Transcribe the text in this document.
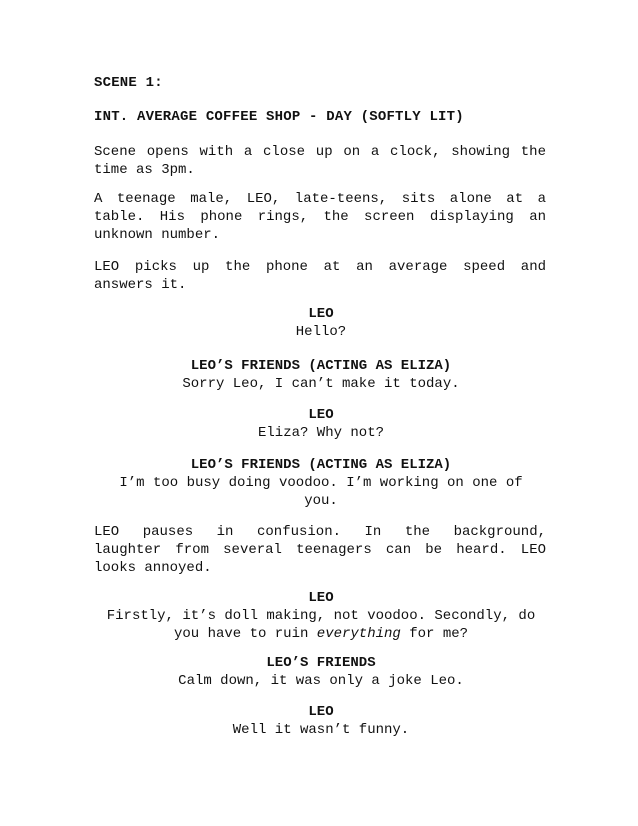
SCENE 1:
INT. AVERAGE COFFEE SHOP - DAY (SOFTLY LIT)
Scene opens with a close up on a clock, showing the
time as 3pm.
A teenage male, LEO, late-teens, sits alone at a
table. His phone rings, the screen displaying an
unknown number.
LEO picks up the phone at an average speed and
answers it.
LEO
Hello?
LEO’S FRIENDS (ACTING AS ELIZA)
Sorry Leo, I can’t make it today.
LEO
Eliza? Why not?
LEO’S FRIENDS (ACTING AS ELIZA)
I’m too busy doing voodoo. I’m working on one of
you.
LEO pauses in confusion. In the background,
laughter from several teenagers can be heard. LEO
looks annoyed.
LEO
Firstly, it’s doll making, not voodoo. Secondly, do
you have to ruin everything for me?
LEO’S FRIENDS
Calm down, it was only a joke Leo.
LEO
Well it wasn’t funny.
